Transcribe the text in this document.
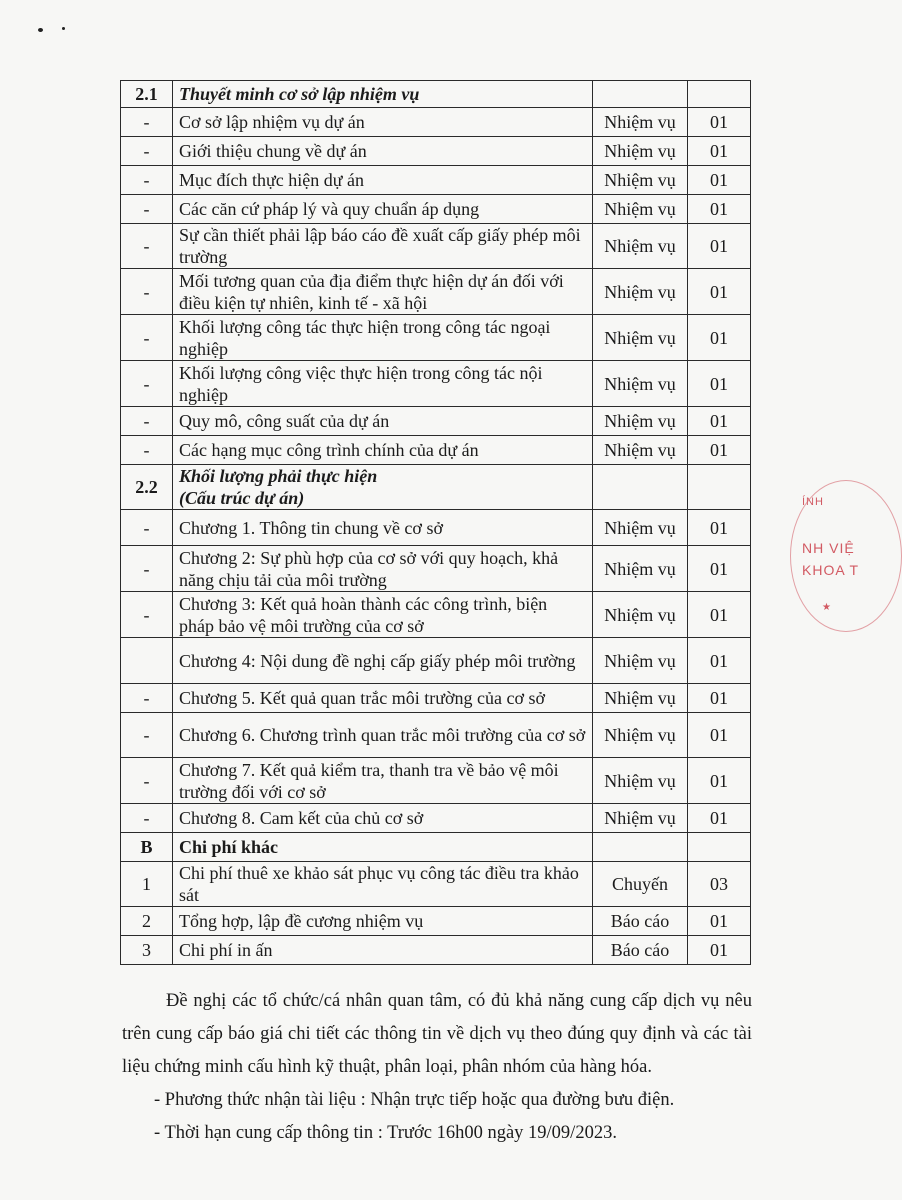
2.1	Thuyết minh cơ sở lập nhiệm vụ		
-	Cơ sở lập nhiệm vụ dự án	Nhiệm vụ	01
-	Giới thiệu chung về dự án	Nhiệm vụ	01
-	Mục đích thực hiện dự án	Nhiệm vụ	01
-	Các căn cứ pháp lý và quy chuẩn áp dụng	Nhiệm vụ	01
-	Sự cần thiết phải lập báo cáo đề xuất cấp giấy phép môi trường	Nhiệm vụ	01
-	Mối tương quan của địa điểm thực hiện dự án đối với điều kiện tự nhiên, kinh tế - xã hội	Nhiệm vụ	01
-	Khối lượng công tác thực hiện trong công tác ngoại nghiệp	Nhiệm vụ	01
-	Khối lượng công việc thực hiện trong công tác nội nghiệp	Nhiệm vụ	01
-	Quy mô, công suất của dự án	Nhiệm vụ	01
-	Các hạng mục công trình chính của dự án	Nhiệm vụ	01
2.2	Khối lượng phải thực hiện
(Cấu trúc dự án)		
-	Chương 1. Thông tin chung về cơ sở	Nhiệm vụ	01
-	Chương 2: Sự phù hợp của cơ sở với quy hoạch, khả năng chịu tải của môi trường	Nhiệm vụ	01
-	Chương 3: Kết quả hoàn thành các công trình, biện pháp bảo vệ môi trường của cơ sở	Nhiệm vụ	01
	Chương 4: Nội dung đề nghị cấp giấy phép môi trường	Nhiệm vụ	01
-	Chương 5. Kết quả quan trắc môi trường của cơ sở	Nhiệm vụ	01
-	Chương 6. Chương trình quan trắc môi trường của cơ sở	Nhiệm vụ	01
-	Chương 7. Kết quả kiểm tra, thanh tra về bảo vệ môi trường đối với cơ sở	Nhiệm vụ	01
-	Chương 8. Cam kết của chủ cơ sở	Nhiệm vụ	01
B	Chi phí khác		
1	Chi phí thuê xe khảo sát phục vụ công tác điều tra khảo sát	Chuyến	03
2	Tổng hợp, lập đề cương nhiệm vụ	Báo cáo	01
3	Chi phí in ấn	Báo cáo	01
Đề nghị các tổ chức/cá nhân quan tâm, có đủ khả năng cung cấp dịch vụ nêu trên cung cấp báo giá chi tiết các thông tin về dịch vụ theo đúng quy định và các tài liệu chứng minh cấu hình kỹ thuật, phân loại, phân nhóm của hàng hóa.
- Phương thức nhận tài liệu : Nhận trực tiếp hoặc qua đường bưu điện.
- Thời hạn cung cấp thông tin : Trước 16h00 ngày 19/09/2023.
ÍNH
NH VIỆ
KHOA T
★
